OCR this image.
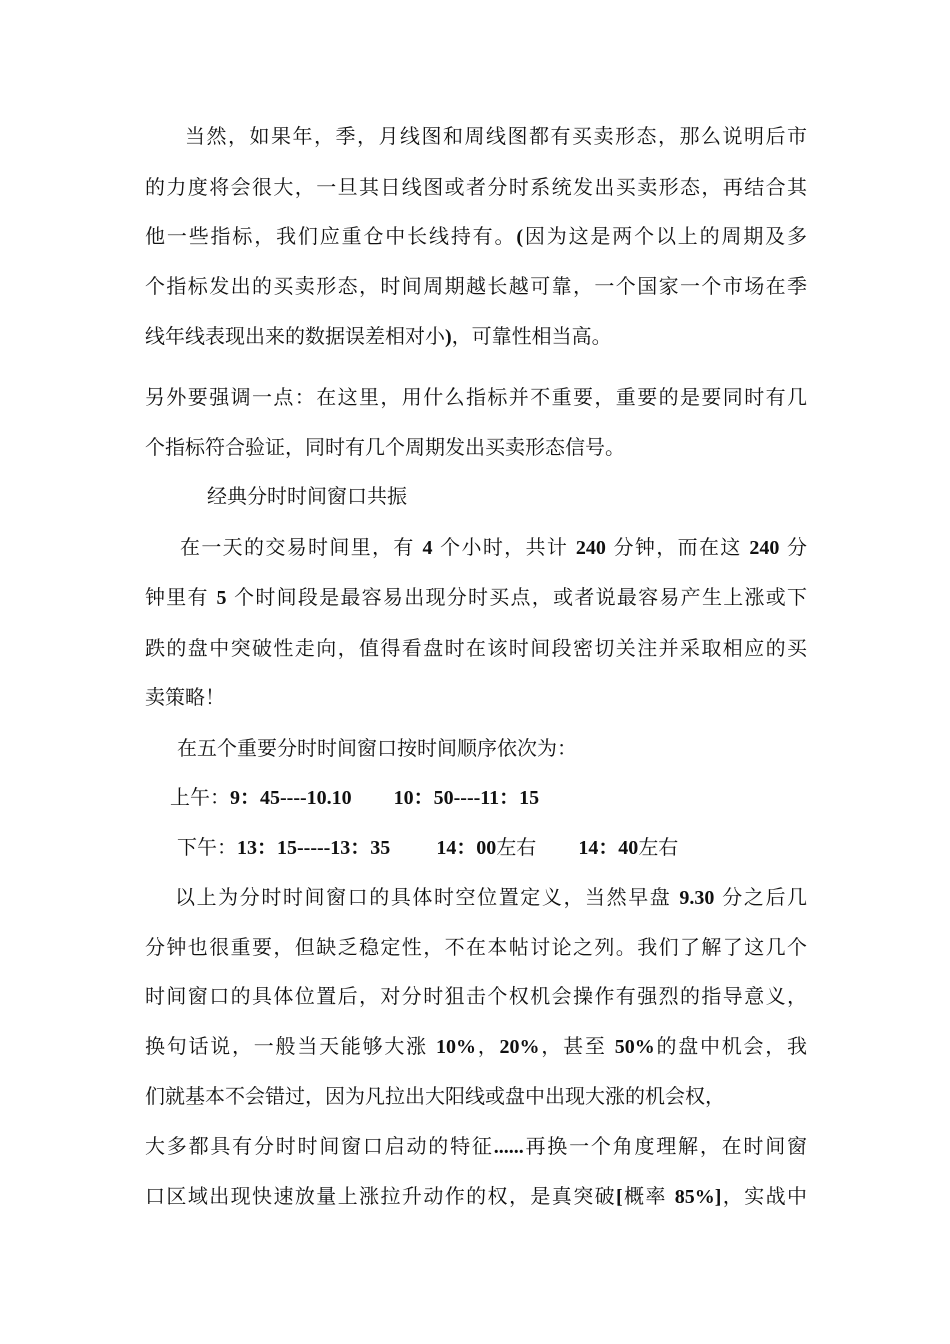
当然，如果年，季，月线图和周线图都有买卖形态，那么说明后市
的力度将会很大，一旦其日线图或者分时系统发出买卖形态，再结合其
他一些指标，我们应重仓中长线持有。(因为这是两个以上的周期及多
个指标发出的买卖形态，时间周期越长越可靠，一个国家一个市场在季
线年线表现出来的数据误差相对小)，可靠性相当高。
另外要强调一点：在这里，用什么指标并不重要，重要的是要同时有几
个指标符合验证，同时有几个周期发出买卖形态信号。
经典分时时间窗口共振
在一天的交易时间里，有 4 个小时，共计 240 分钟，而在这 240 分
钟里有 5 个时间段是最容易出现分时买点，或者说最容易产生上涨或下
跌的盘中突破性走向，值得看盘时在该时间段密切关注并采取相应的买
卖策略！
在五个重要分时时间窗口按时间顺序依次为：
上午：9：45----10.10 10：50----11：15
下午：13：15-----13：35 14：00左右 14：40左右
以上为分时时间窗口的具体时空位置定义，当然早盘 9.30 分之后几
分钟也很重要，但缺乏稳定性，不在本帖讨论之列。我们了解了这几个
时间窗口的具体位置后，对分时狙击个权机会操作有强烈的指导意义，
换句话说，一般当天能够大涨 10%，20%，甚至 50%的盘中机会，我
们就基本不会错过，因为凡拉出大阳线或盘中出现大涨的机会权，
大多都具有分时时间窗口启动的特征......再换一个角度理解，在时间窗
口区域出现快速放量上涨拉升动作的权，是真突破[概率 85%]，实战中
